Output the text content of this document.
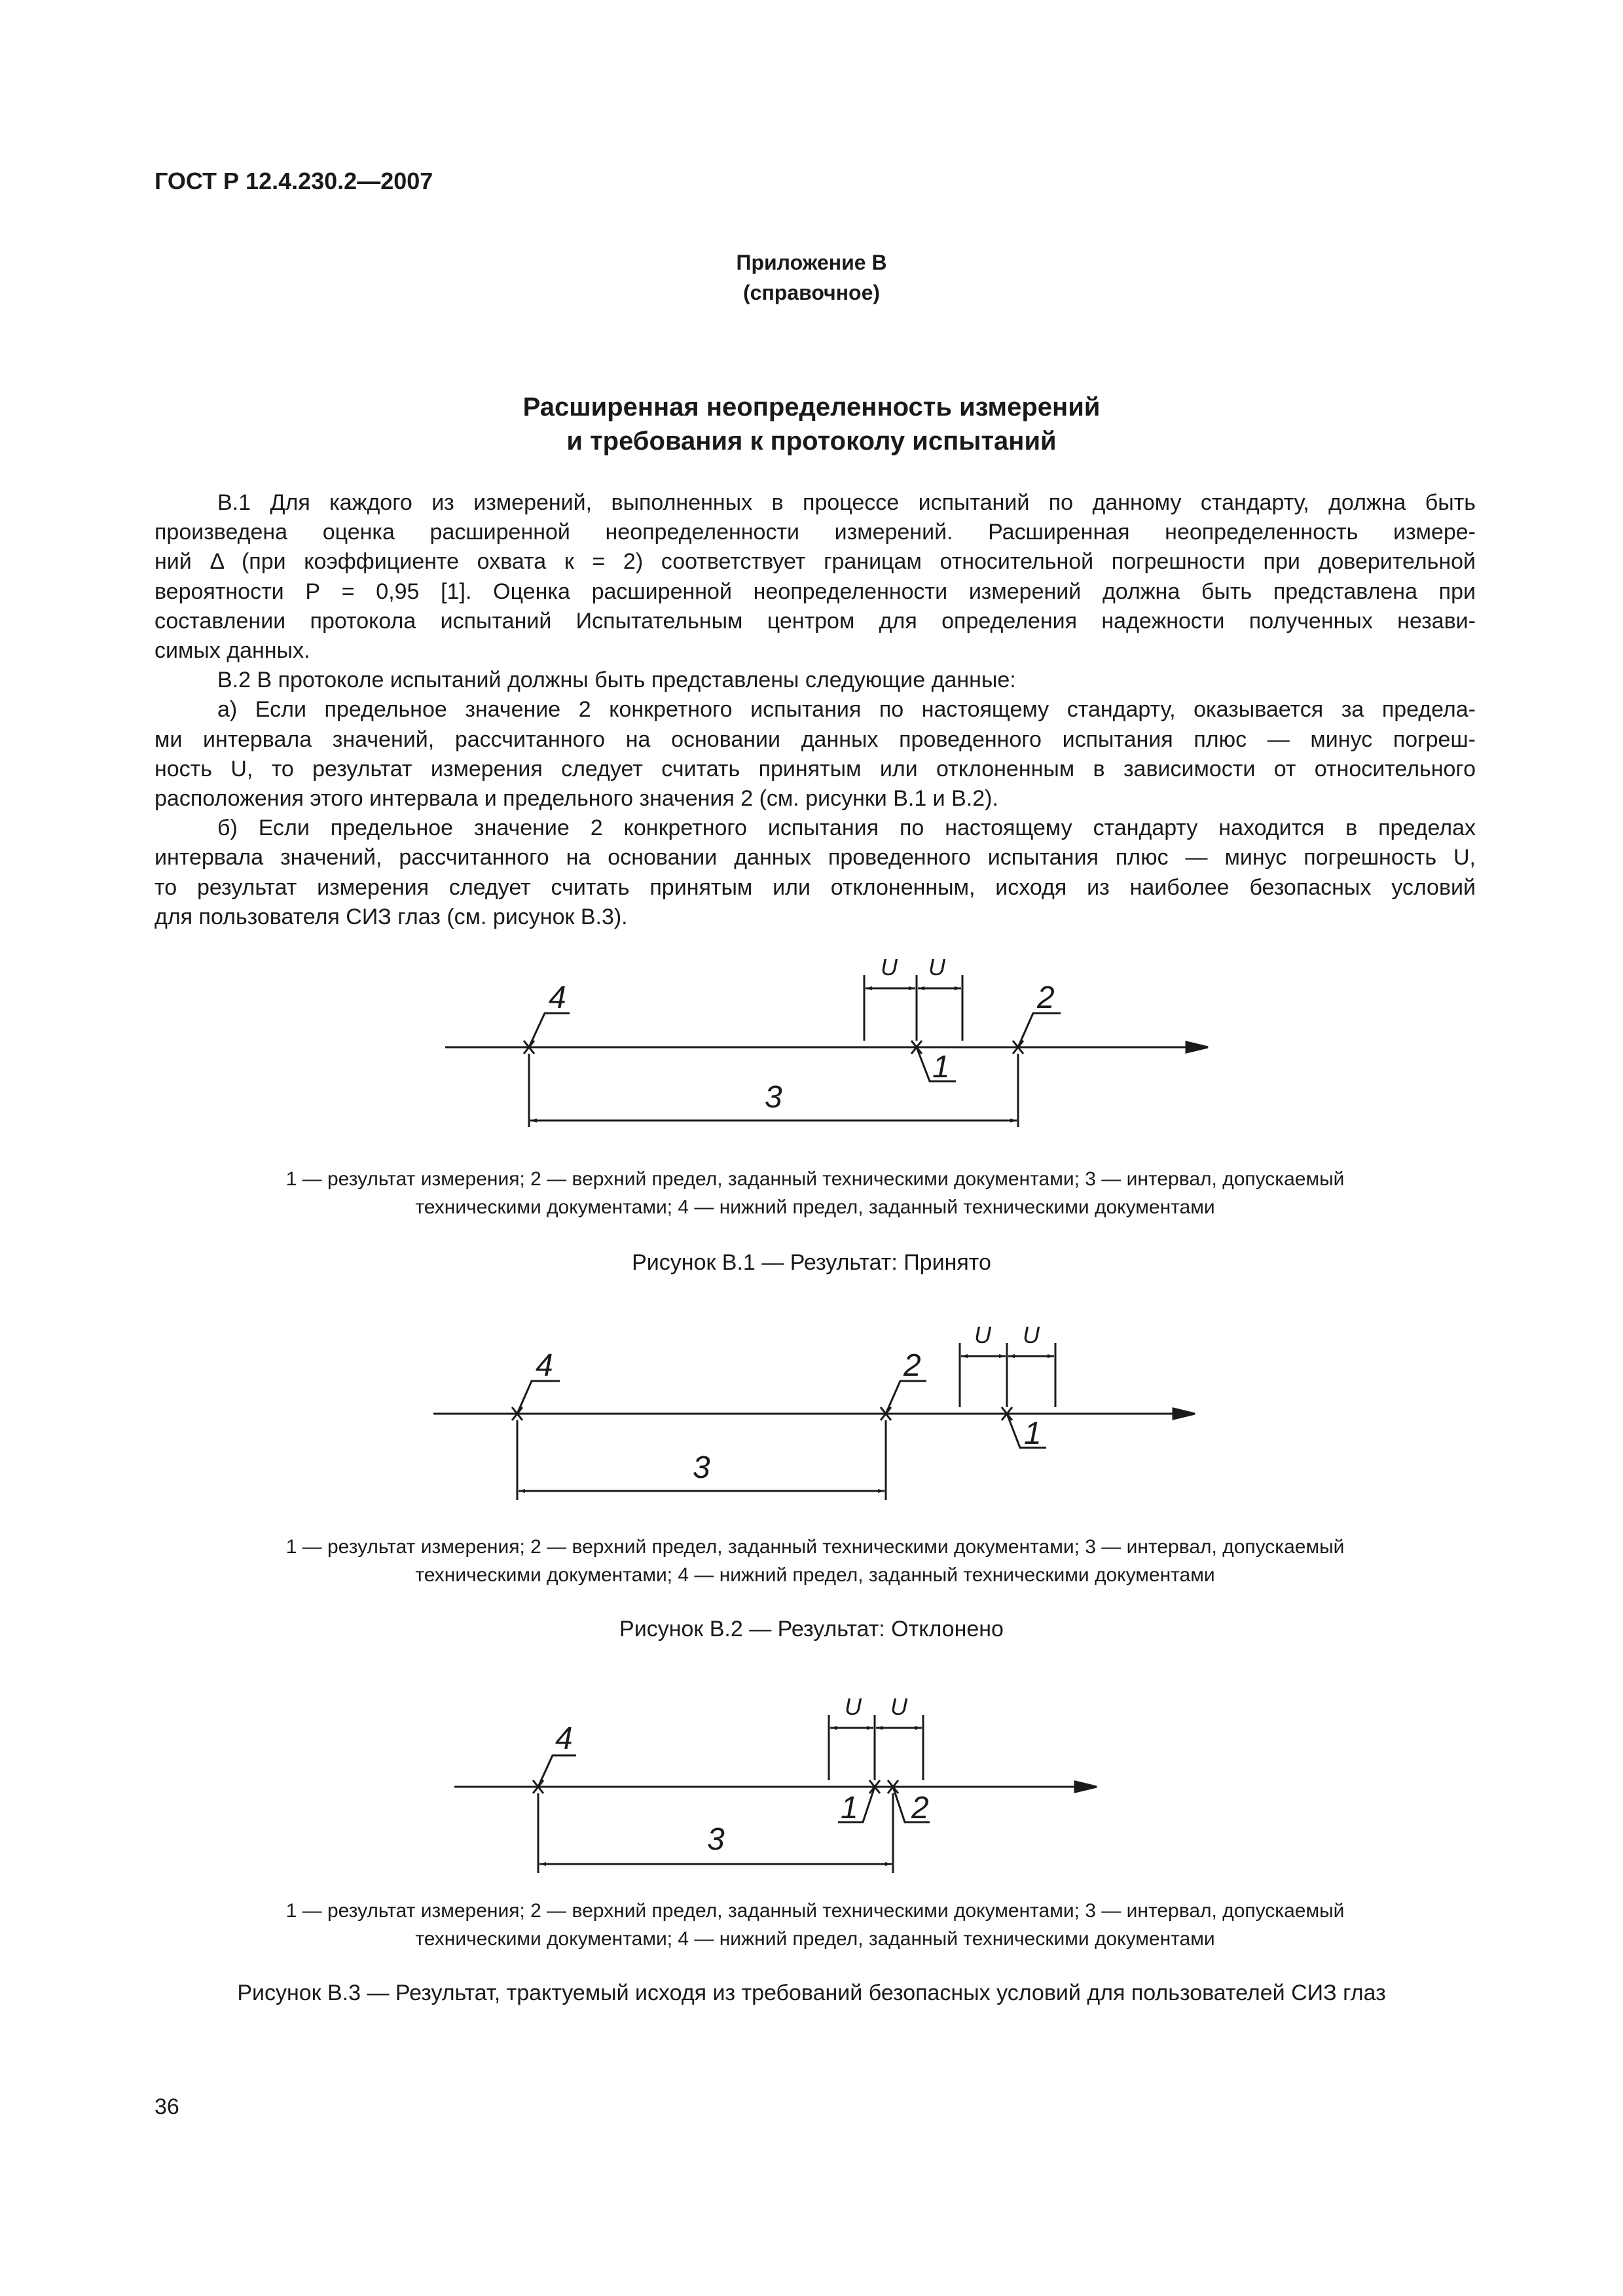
ГОСТ Р 12.4.230.2—2007
Приложение В
(справочное)
Расширенная неопределенность измерений
и требования к протоколу испытаний
В.1 Для каждого из измерений, выполненных в процессе испытаний по данному стандарту, должна быть
произведена оценка расширенной неопределенности измерений. Расширенная неопределенность измере-
ний Δ (при коэффициенте охвата к = 2) соответствует границам относительной погрешности при доверительной
вероятности Р = 0,95 [1]. Оценка расширенной неопределенности измерений должна быть представлена при
составлении протокола испытаний Испытательным центром для определения надежности полученных незави-
симых данных.
В.2 В протоколе испытаний должны быть представлены следующие данные:
а) Если предельное значение 2 конкретного испытания по настоящему стандарту, оказывается за предела-
ми интервала значений, рассчитанного на основании данных проведенного испытания плюс — минус погреш-
ность U, то результат измерения следует считать принятым или отклоненным в зависимости от относительного
расположения этого интервала и предельного значения 2 (см. рисунки В.1 и В.2).
б) Если предельное значение 2 конкретного испытания по настоящему стандарту находится в пределах
интервала значений, рассчитанного на основании данных проведенного испытания плюс — минус погрешность U,
то результат измерения следует считать принятым или отклоненным, исходя из наиболее безопасных условий
для пользователя СИЗ глаз (см. рисунок В.3).
4	2
1
3
U U
1 — результат измерения; 2 — верхний предел, заданный техническими документами; 3 — интервал, допускаемый
техническими документами; 4 — нижний предел, заданный техническими документами
Рисунок В.1 — Результат: Принято
4	2
1
3
U U
1 — результат измерения; 2 — верхний предел, заданный техническими документами; 3 — интервал, допускаемый
техническими документами; 4 — нижний предел, заданный техническими документами
Рисунок В.2 — Результат: Отклонено
4
1 2
3
U U
1 — результат измерения; 2 — верхний предел, заданный техническими документами; 3 — интервал, допускаемый
техническими документами; 4 — нижний предел, заданный техническими документами
Рисунок В.3 — Результат, трактуемый исходя из требований безопасных условий для пользователей СИЗ глаз
36
